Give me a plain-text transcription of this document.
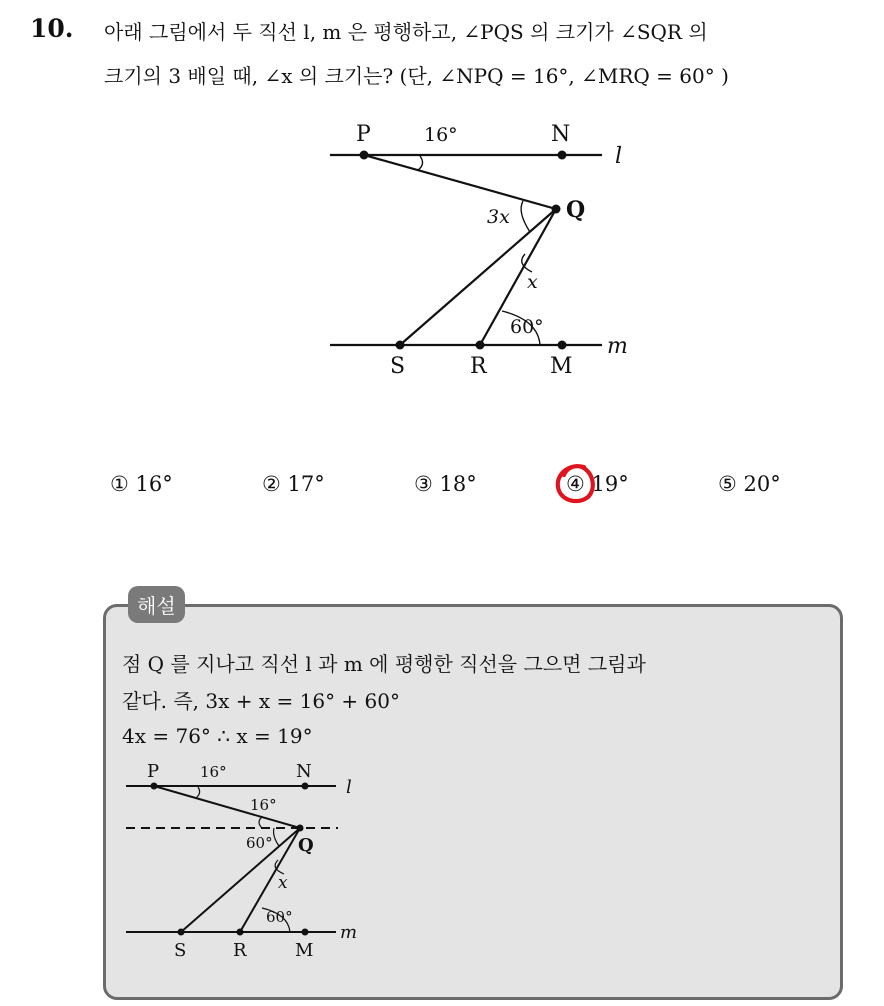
10. 아래 그림에서 두 직선 l, m 은 평행하고, ∠PQS 의 크기가 ∠SQR 의
크기의 3 배일 때, ∠x 의 크기는? (단, ∠NPQ = 16°, ∠MRQ = 60° )
P	N
Q
S	R	M
l
m
16°
3x
x
60°
① 16°	② 17°	③ 18°	④ 19°	⑤ 20°
해설
점 Q 를 지나고 직선 l 과 m 에 평행한 직선을 그으면 그림과
같다. 즉, 3x + x = 16° + 60°
4x = 76° ∴ x = 19°
P	N
Q
S	R	M
l
m
16°
16°
60°
x
60°
